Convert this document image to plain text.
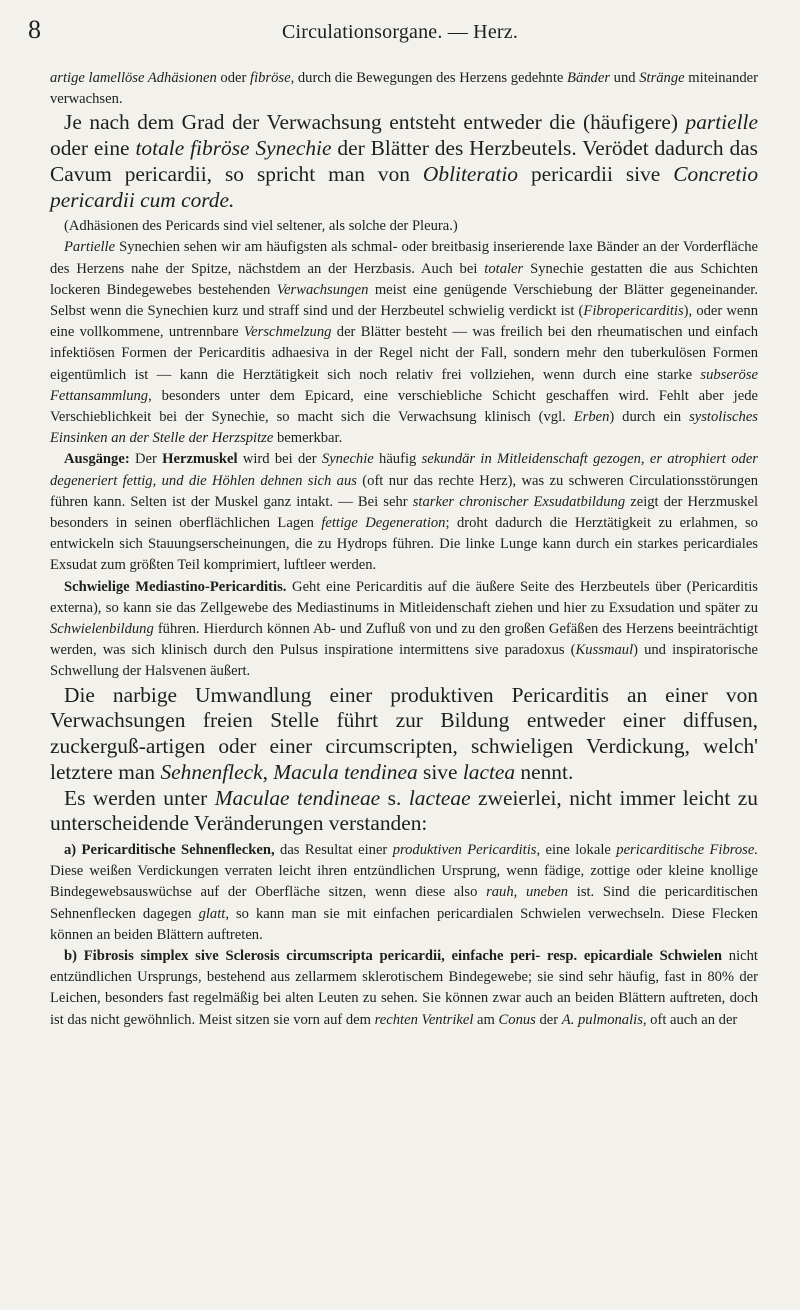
8	Circulationsorgane. — Herz.

artige lamellöse Adhäsionen oder fibröse, durch die Bewegungen des Herzens gedehnte Bänder und Stränge miteinander verwachsen.

Je nach dem Grad der Verwachsung entsteht entweder die (häufigere) partielle oder eine totale fibröse Synechie der Blätter des Herzbeutels. Verödet dadurch das Cavum pericardii, so spricht man von Obliteratio pericardii sive Concretio pericardii cum corde.

(Adhäsionen des Pericards sind viel seltener, als solche der Pleura.)

Partielle Synechien sehen wir am häufigsten als schmal- oder breitbasig inserierende laxe Bänder an der Vorderfläche des Herzens nahe der Spitze, nächstdem an der Herzbasis. Auch bei totaler Synechie gestatten die aus Schichten lockeren Bindegewebes bestehenden Verwachsungen meist eine genügende Verschiebung der Blätter gegeneinander. Selbst wenn die Synechien kurz und straff sind und der Herzbeutel schwielig verdickt ist (Fibropericarditis), oder wenn eine vollkommene, untrennbare Verschmelzung der Blätter besteht — was freilich bei den rheumatischen und einfach infektiösen Formen der Pericarditis adhaesiva in der Regel nicht der Fall, sondern mehr den tuberkulösen Formen eigentümlich ist — kann die Herztätigkeit sich noch relativ frei vollziehen, wenn durch eine starke subseröse Fettansammlung, besonders unter dem Epicard, eine verschiebliche Schicht geschaffen wird. Fehlt aber jede Verschieblichkeit bei der Synechie, so macht sich die Verwachsung klinisch (vgl. Erben) durch ein systolisches Einsinken an der Stelle der Herzspitze bemerkbar.

Ausgänge: Der Herzmuskel wird bei der Synechie häufig sekundär in Mitleidenschaft gezogen, er atrophiert oder degeneriert fettig, und die Höhlen dehnen sich aus (oft nur das rechte Herz), was zu schweren Circulationsstörungen führen kann. Selten ist der Muskel ganz intakt. — Bei sehr starker chronischer Exsudatbildung zeigt der Herzmuskel besonders in seinen oberflächlichen Lagen fettige Degeneration; droht dadurch die Herztätigkeit zu erlahmen, so entwickeln sich Stauungserscheinungen, die zu Hydrops führen. Die linke Lunge kann durch ein starkes pericardiales Exsudat zum größten Teil komprimiert, luftleer werden.

Schwielige Mediastino-Pericarditis. Geht eine Pericarditis auf die äußere Seite des Herzbeutels über (Pericarditis externa), so kann sie das Zellgewebe des Mediastinums in Mitleidenschaft ziehen und hier zu Exsudation und später zu Schwielenbildung führen. Hierdurch können Ab- und Zufluß von und zu den großen Gefäßen des Herzens beeinträchtigt werden, was sich klinisch durch den Pulsus inspiratione intermittens sive paradoxus (Kussmaul) und inspiratorische Schwellung der Halsvenen äußert.

Die narbige Umwandlung einer produktiven Pericarditis an einer von Verwachsungen freien Stelle führt zur Bildung entweder einer diffusen, zuckerguß-artigen oder einer circumscripten, schwieligen Verdickung, welch' letztere man Sehnenfleck, Macula tendinea sive lactea nennt.

Es werden unter Maculae tendineae s. lacteae zweierlei, nicht immer leicht zu unterscheidende Veränderungen verstanden:

a) Pericarditische Sehnenflecken, das Resultat einer produktiven Pericarditis, eine lokale pericarditische Fibrose. Diese weißen Verdickungen verraten leicht ihren entzündlichen Ursprung, wenn fädige, zottige oder kleine knollige Bindegewebsauswüchse auf der Oberfläche sitzen, wenn diese also rauh, uneben ist. Sind die pericarditischen Sehnenflecken dagegen glatt, so kann man sie mit einfachen pericardialen Schwielen verwechseln. Diese Flecken können an beiden Blättern auftreten.

b) Fibrosis simplex sive Sclerosis circumscripta pericardii, einfache peri- resp. epicardiale Schwielen nicht entzündlichen Ursprungs, bestehend aus zellarmem sklerotischem Bindegewebe; sie sind sehr häufig, fast in 80% der Leichen, besonders fast regelmäßig bei alten Leuten zu sehen. Sie können zwar auch an beiden Blättern auftreten, doch ist das nicht gewöhnlich. Meist sitzen sie vorn auf dem rechten Ventrikel am Conus der A. pulmonalis, oft auch an der
